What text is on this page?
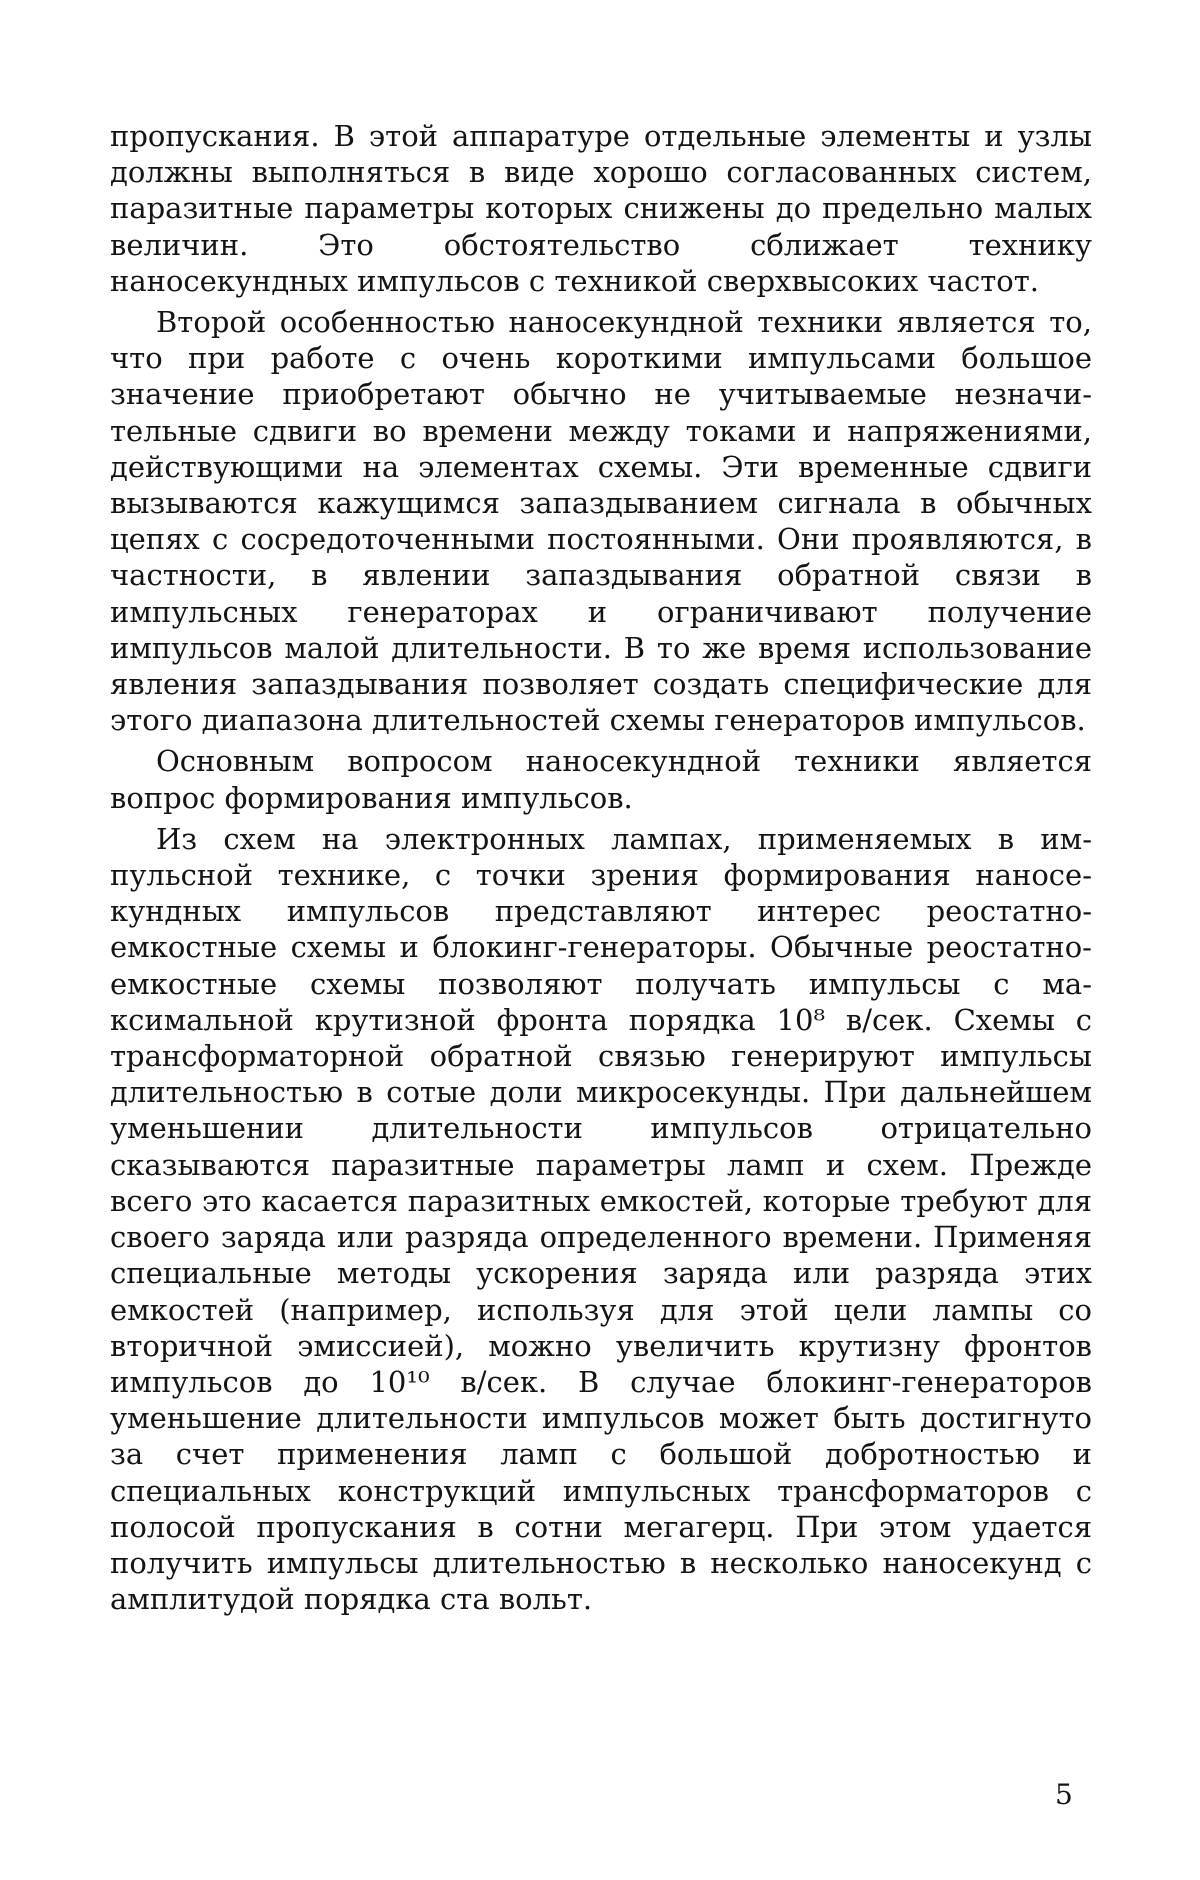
пропускания. В этой аппаратуре отдельные элементы и узлы должны выполняться в виде хорошо согласованных систем, паразитные параметры которых снижены до предельно малых величин. Это обстоятельство сближает технику наносекундных импульсов с техникой сверхвысоких частот.

Второй особенностью наносекундной техники является то, что при работе с очень короткими импульсами большое значение приобретают обычно не учитываемые незначительные сдвиги во времени между токами и напряжениями, действующими на элементах схемы. Эти временные сдвиги вызываются кажущимся запаздыванием сигнала в обычных цепях с сосредоточенными постоянными. Они проявляются, в частности, в явлении запаздывания обратной связи в импульсных генераторах и ограничивают получение импульсов малой длительности. В то же время использование явления запаздывания позволяет создать специфические для этого диапазона длительностей схемы генераторов импульсов.

Основным вопросом наносекундной техники является вопрос формирования импульсов.

Из схем на электронных лампах, применяемых в импульсной технике, с точки зрения формирования наносекундных импульсов представляют интерес реостатноемкостные схемы и блокинг-генераторы. Обычные реостатно-емкостные схемы позволяют получать импульсы с максимальной крутизной фронта порядка 10⁸ в/сек. Схемы с трансформаторной обратной связью генерируют импульсы длительностью в сотые доли микросекунды. При дальнейшем уменьшении длительности импульсов отрицательно сказываются паразитные параметры ламп и схем. Прежде всего это касается паразитных емкостей, которые требуют для своего заряда или разряда определенного времени. Применяя специальные методы ускорения заряда или разряда этих емкостей (например, используя для этой цели лампы со вторичной эмиссией), можно увеличить крутизну фронтов импульсов до 10¹⁰ в/сек. В случае блокинг-генераторов уменьшение длительности импульсов может быть достигнуто за счет применения ламп с большой добротностью и специальных конструкций импульсных трансформаторов с полосой пропускания в сотни мегагерц. При этом удается получить импульсы длительностью в несколько наносекунд с амплитудой порядка ста вольт.

5
